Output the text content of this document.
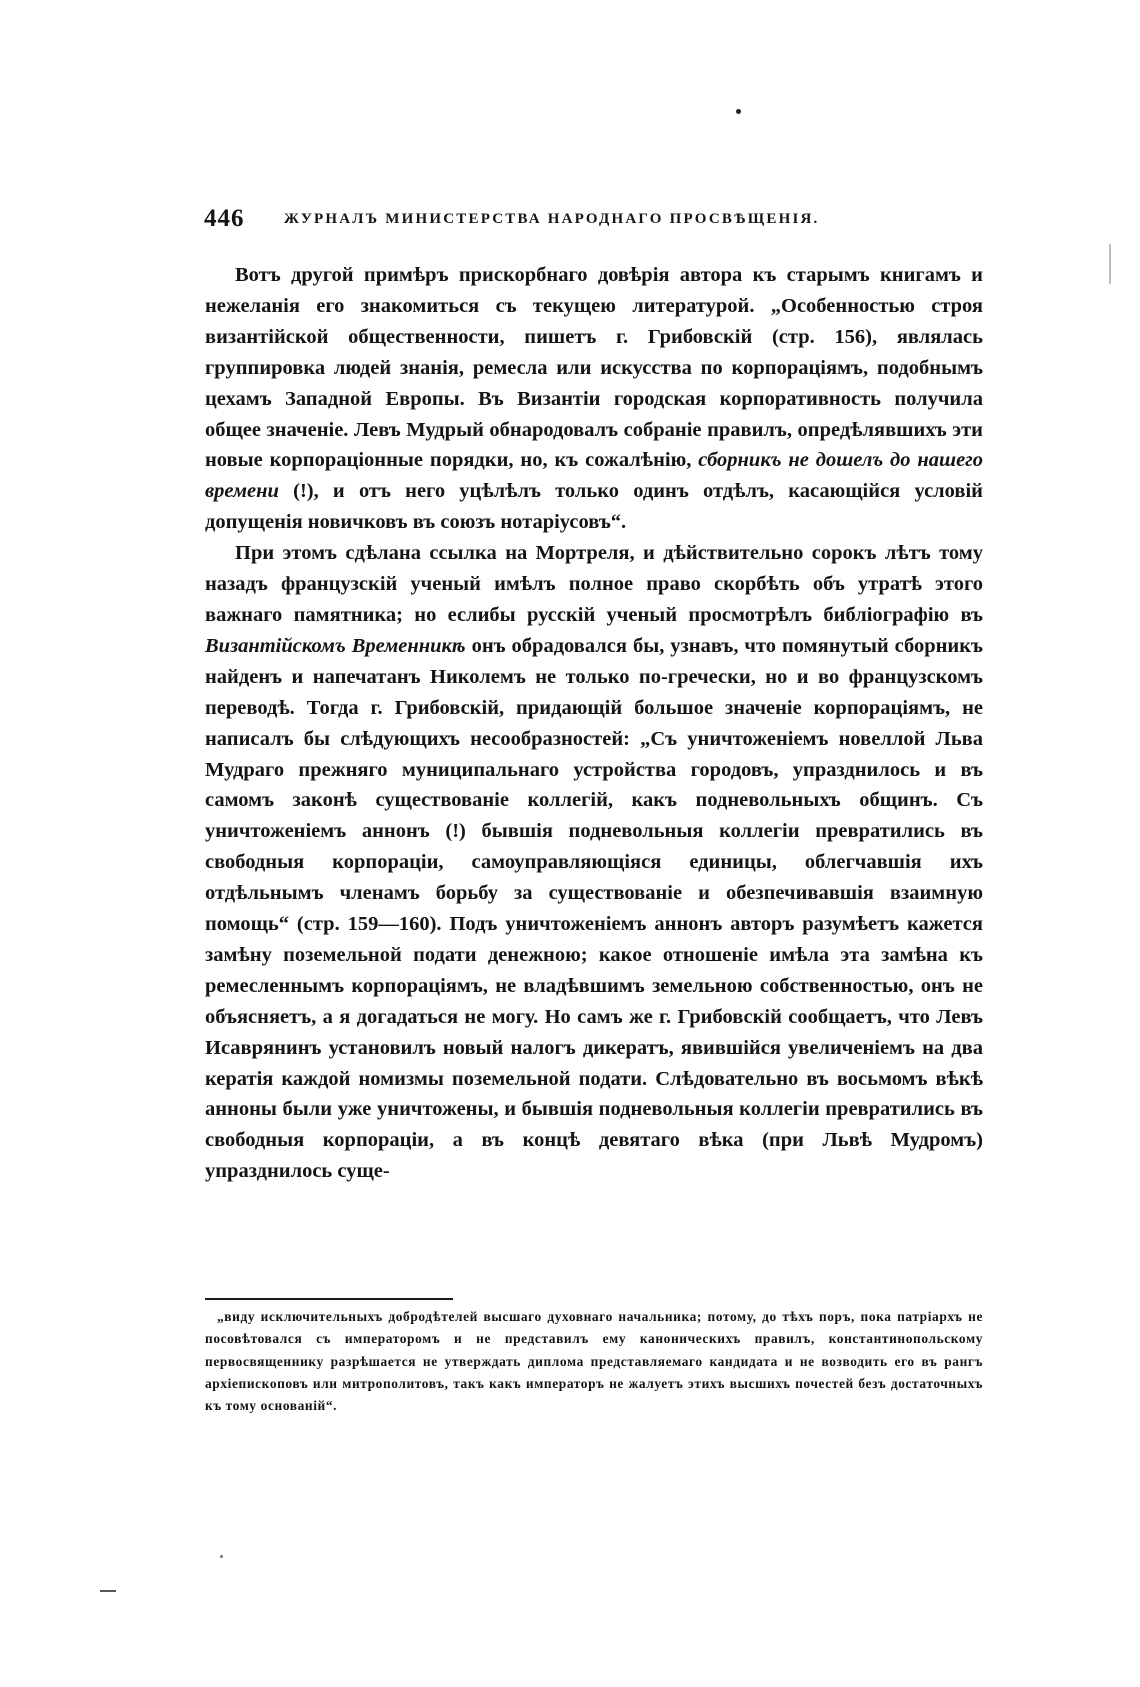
446	ЖУРНАЛЪ МИНИСТЕРСТВА НАРОДНАГО ПРОСВѢЩЕНІЯ.

Вотъ другой примѣръ прискорбнаго довѣрія автора къ старымъ книгамъ и нежеланія его знакомиться съ текущею литературой. „Особенностью строя византійской общественности, пишетъ г. Грибовскій (стр. 156), являлась группировка людей знанія, ремесла или искусства по корпораціямъ, подобнымъ цехамъ Западной Европы. Въ Византіи городская корпоративность получила общее значеніе. Левъ Мудрый обнародовалъ собраніе правилъ, опредѣлявшихъ эти новые корпораціонные порядки, но, къ сожалѣнію, сборникъ не дошелъ до нашего времени (!), и отъ него уцѣлѣлъ только одинъ отдѣлъ, касающійся условій допущенія новичковъ въ союзъ нотаріусовъ“.

При этомъ сдѣлана ссылка на Мортреля, и дѣйствительно сорокъ лѣтъ тому назадъ французскій ученый имѣлъ полное право скорбѣть объ утратѣ этого важнаго памятника; но еслибы русскій ученый просмотрѣлъ библіографію въ Византійскомъ Временникѣ онъ обрадовался бы, узнавъ, что помянутый сборникъ найденъ и напечатанъ Николемъ не только по-гречески, но и во французскомъ переводѣ. Тогда г. Грибовскій, придающій большое значеніе корпораціямъ, не написалъ бы слѣдующихъ несообразностей: „Съ уничтоженіемъ новеллой Льва Мудраго прежняго муниципальнаго устройства городовъ, упразднилось и въ самомъ законѣ существованіе коллегій, какъ подневольныхъ общинъ. Съ уничтоженіемъ аннонъ (!) бывшія подневольныя коллегіи превратились въ свободныя корпораціи, самоуправляющіяся единицы, облегчавшія ихъ отдѣльнымъ членамъ борьбу за существованіе и обезпечивавшія взаимную помощь“ (стр. 159—160). Подъ уничтоженіемъ аннонъ авторъ разумѣетъ кажется замѣну поземельной подати денежною; какое отношеніе имѣла эта замѣна къ ремесленнымъ корпораціямъ, не владѣвшимъ земельною собственностью, онъ не объясняетъ, а я догадаться не могу. Но самъ же г. Грибовскій сообщаетъ, что Левъ Исаврянинъ установилъ новый налогъ дикератъ, явившійся увеличеніемъ на два кератія каждой номизмы поземельной подати. Слѣдовательно въ восьмомъ вѣкѣ анноны были уже уничтожены, и бывшія подневольныя коллегіи превратились въ свободныя корпораціи, а въ концѣ девятаго вѣка (при Львѣ Мудромъ) упразднилось суще-

„виду исключительныхъ добродѣтелей высшаго духовнаго начальника; потому, до тѣхъ поръ, пока патріархъ не посовѣтовался съ императоромъ и не представилъ ему каноническихъ правилъ, константинопольскому первосвященнику разрѣшается не утверждать диплома представляемаго кандидата и не возводить его въ рангъ архіепископовъ или митрополитовъ, такъ какъ императоръ не жалуетъ этихъ высшихъ почестей безъ достаточныхъ къ тому основаній“.
